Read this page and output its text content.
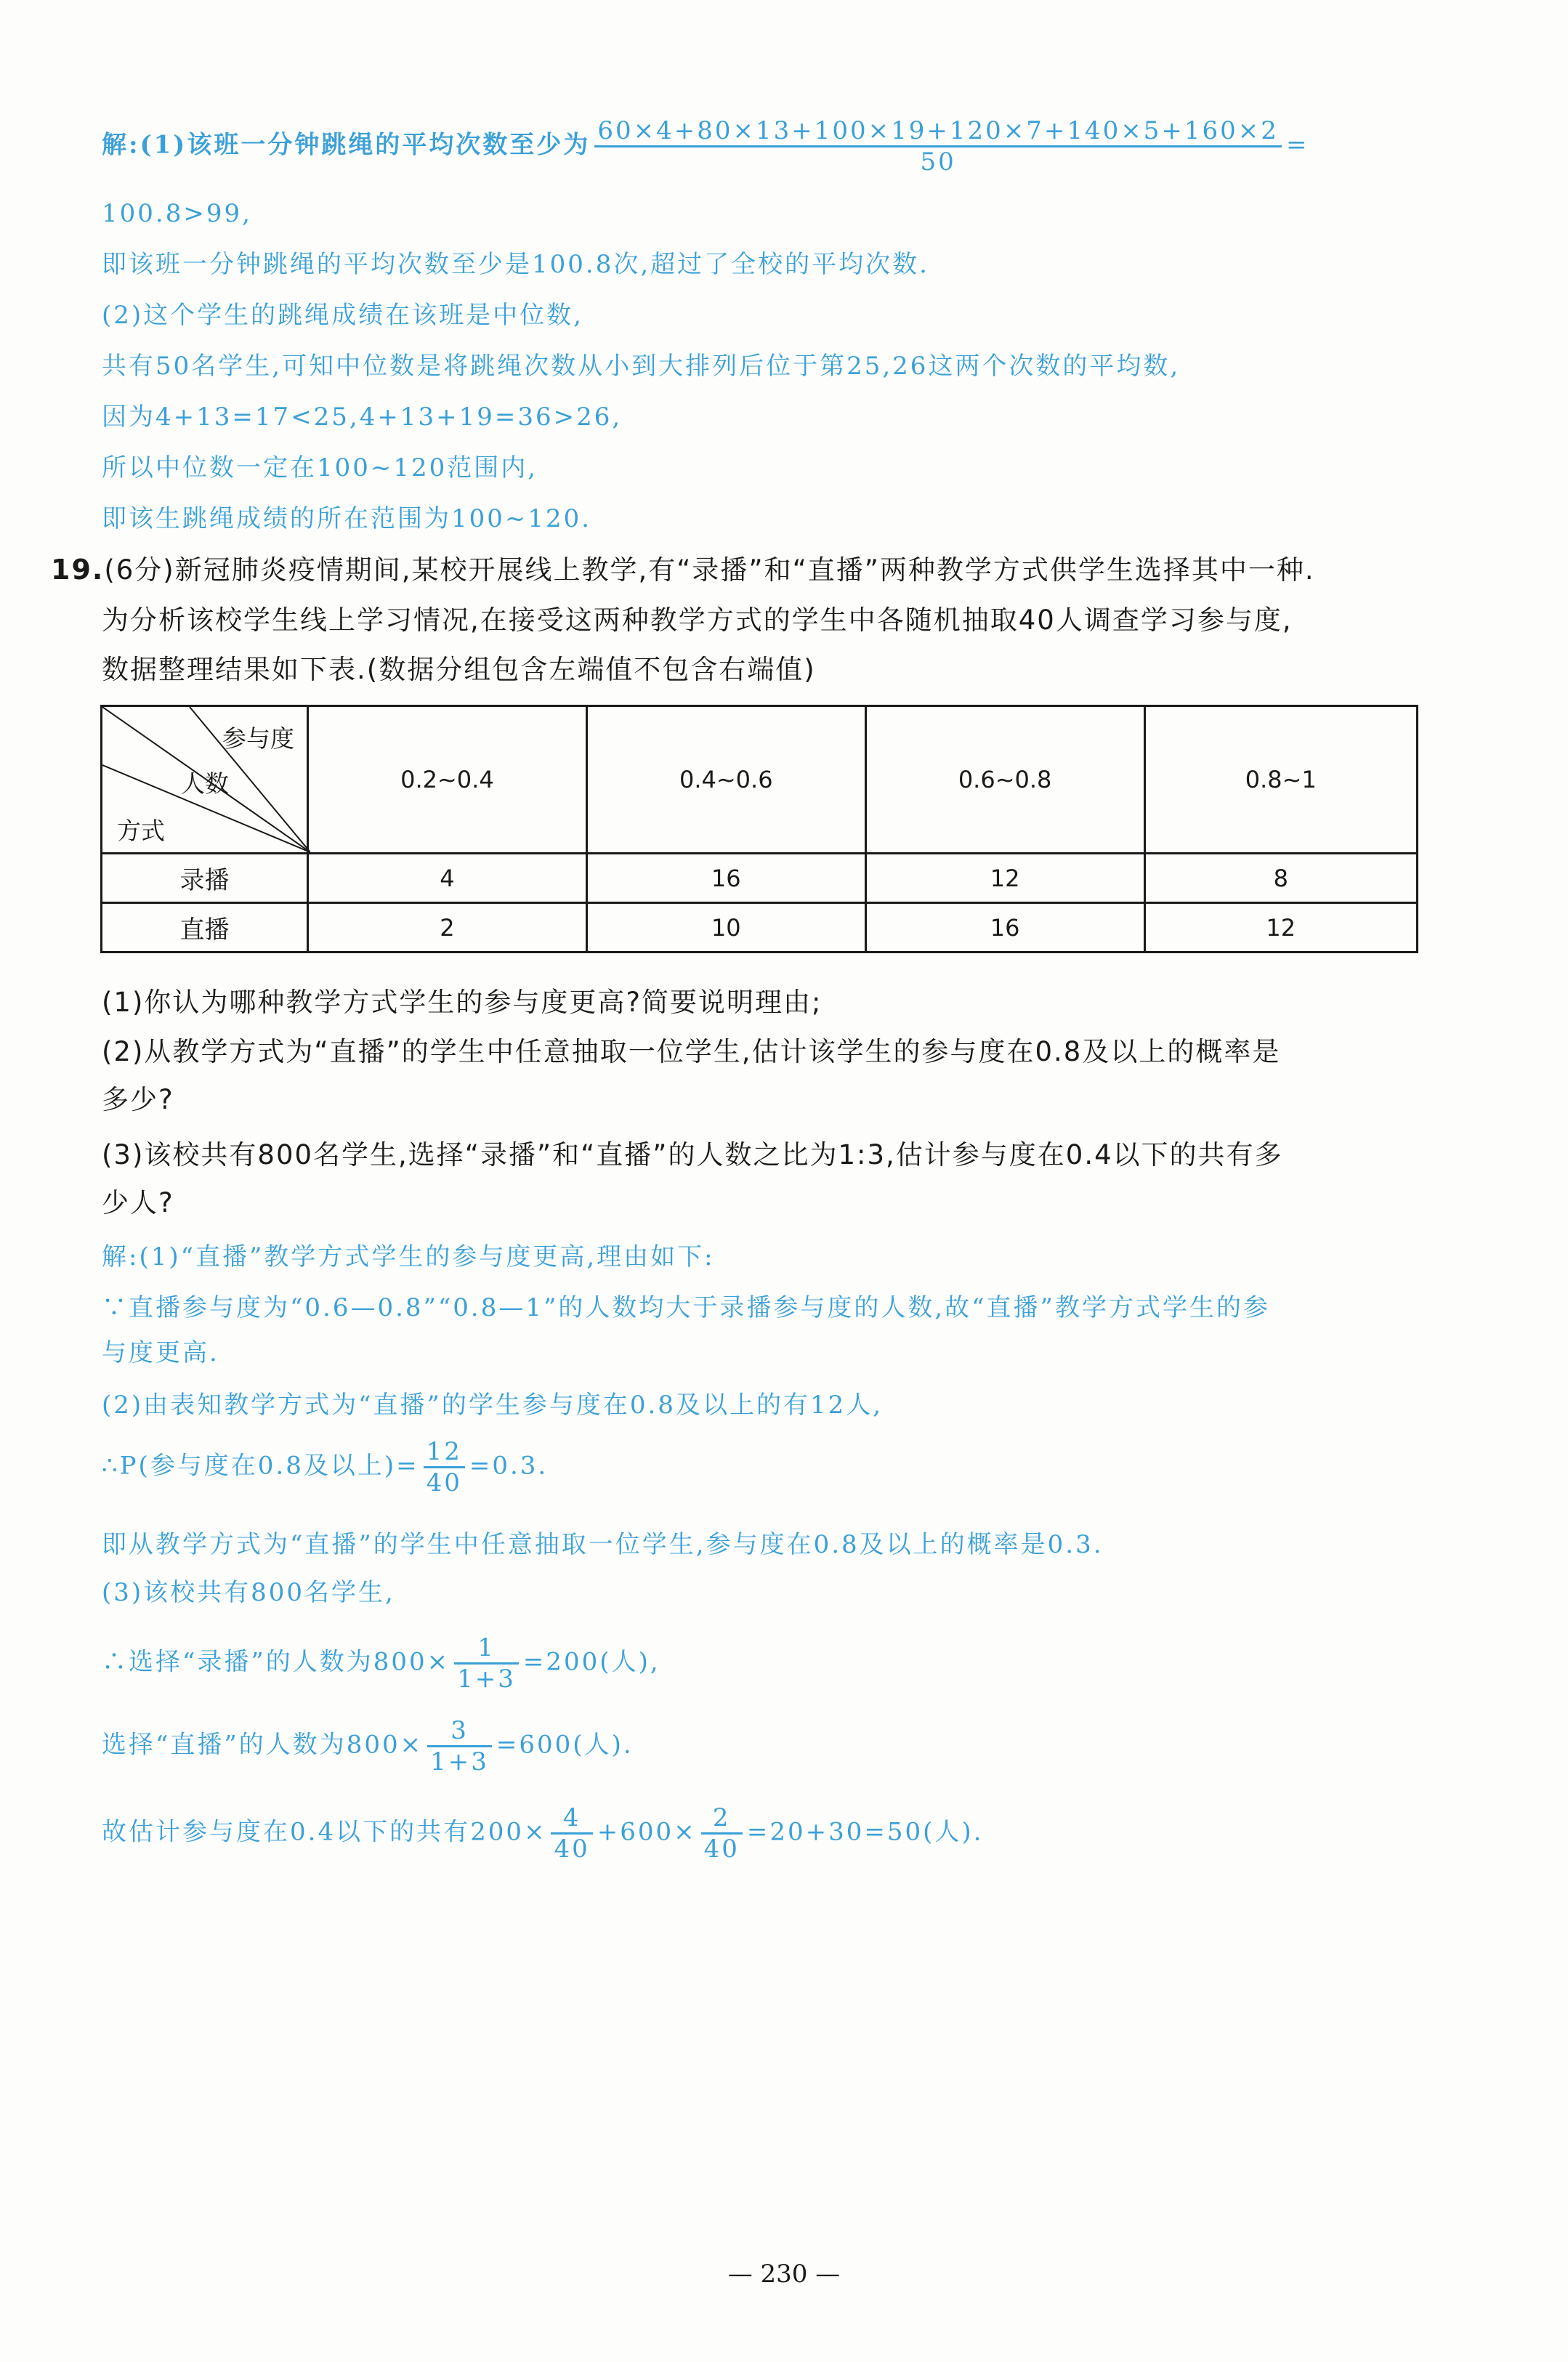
解:(1)该班一分钟跳绳的平均次数至少为 $\frac{60\times 4+80\times 13+100\times 19+120\times 7+140\times 5+160\times 2}{50}$ =
100.8>99,
即该班一分钟跳绳的平均次数至少是100.8次,超过了全校的平均次数.
(2)这个学生的跳绳成绩在该班是中位数,
共有50名学生,可知中位数是将跳绳次数从小到大排列后位于第25,26这两个次数的平均数,
因为4+13=17<25,4+13+19=36>26,
所以中位数一定在100~120范围内,
即该生跳绳成绩的所在范围为100~120.
19.(6分)新冠肺炎疫情期间,某校开展线上教学,有“录播”和“直播”两种教学方式供学生选择其中一种.
为分析该校学生线上学习情况,在接受这两种教学方式的学生中各随机抽取40人调查学习参与度,
数据整理结果如下表.(数据分组包含左端值不包含右端值)
参与度
人数
方式	0.2~0.4	0.4~0.6	0.6~0.8	0.8~1
录播	4	16	12	8
直播	2	10	16	12
(1)你认为哪种教学方式学生的参与度更高?简要说明理由;
(2)从教学方式为“直播”的学生中任意抽取一位学生,估计该学生的参与度在0.8及以上的概率是
多少?
(3)该校共有800名学生,选择“录播”和“直播”的人数之比为1:3,估计参与度在0.4以下的共有多
少人?
解:(1)“直播”教学方式学生的参与度更高,理由如下:
∵直播参与度为“0.6—0.8”“0.8—1”的人数均大于录播参与度的人数,故“直播”教学方式学生的参
与度更高.
(2)由表知教学方式为“直播”的学生参与度在0.8及以上的有12人,
∴P(参与度在0.8及以上)= $\frac{12}{40} =0.3$.
即从教学方式为“直播”的学生中任意抽取一位学生,参与度在0.8及以上的概率是0.3.
(3)该校共有800名学生,
∴选择“录播”的人数为$800\times \frac{1}{1+3} =200$(人),
选择“直播”的人数为$800\times \frac{3}{1+3} =600$(人).
故估计参与度在0.4以下的共有$200\times \frac{4}{40} +600\times \frac{2}{40} =20+30=50$(人).
— 230 —
